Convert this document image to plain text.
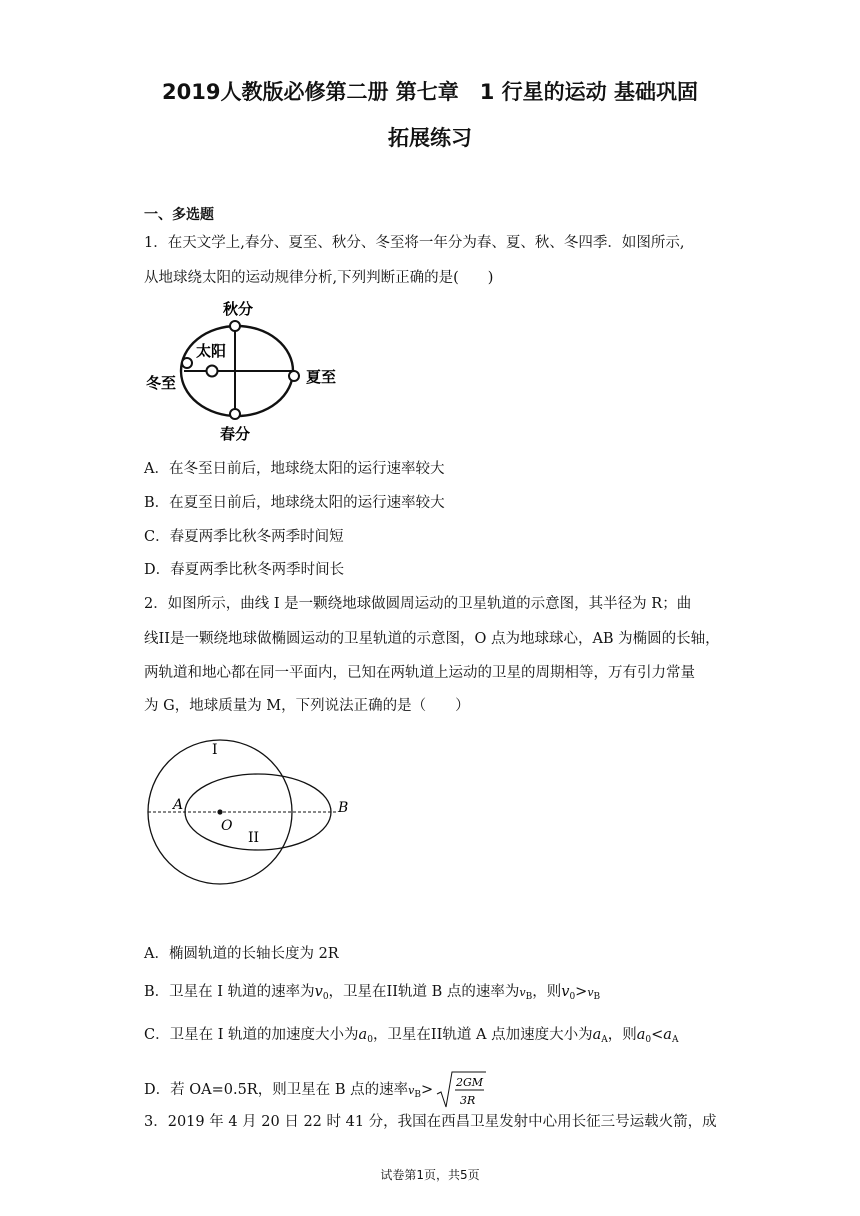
2019人教版必修第二册 第七章　1 行星的运动 基础巩固
拓展练习
一、多选题
1．在天文学上,春分、夏至、秋分、冬至将一年分为春、夏、秋、冬四季．如图所示,
从地球绕太阳的运动规律分析,下列判断正确的是(　　)
秋分
太阳
冬至	夏至
春分
A．在冬至日前后，地球绕太阳的运行速率较大
B．在夏至日前后，地球绕太阳的运行速率较大
C．春夏两季比秋冬两季时间短
D．春夏两季比秋冬两季时间长
2．如图所示，曲线 I 是一颗绕地球做圆周运动的卫星轨道的示意图，其半径为 R；曲
线II是一颗绕地球做椭圆运动的卫星轨道的示意图，O 点为地球球心，AB 为椭圆的长轴，
两轨道和地心都在同一平面内，已知在两轨道上运动的卫星的周期相等，万有引力常量
为 G，地球质量为 M，下列说法正确的是（　　）
I
A	B
O
II
A．椭圆轨道的长轴长度为 2R
B．卫星在 I 轨道的速率为$v_0$，卫星在II轨道 B 点的速率为$v_B$，则$v_0>v_B$
C．卫星在 I 轨道的加速度大小为$a_0$，卫星在II轨道 A 点加速度大小为$a_A$，则$a_0<a_A$
D．若 OA=0.5R，则卫星在 B 点的速率$v_B> 2GM$
3R
3．2019 年 4 月 20 日 22 时 41 分，我国在西昌卫星发射中心用长征三号运载火箭，成
试卷第1页，共5页
